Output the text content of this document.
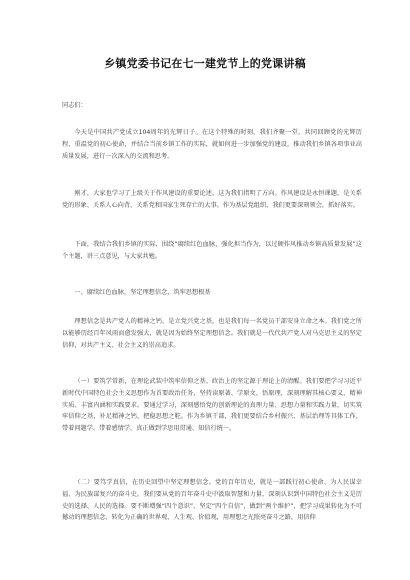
乡镇党委书记在七一建党节上的党课讲稿

同志们：

今天是中国共产党成立104周年的光辉日子。在这个特殊的时刻，我们齐聚一堂，共同回顾党的光辉历程，重温党的初心使命，并结合当前乡镇工作的实际，就如何进一步加强党的建设，推动我们乡镇各项事业高质量发展，进行一次深入的交流和思考。

刚才，大家也学习了上级关于作风建设的重要论述，这为我们指明了方向。作风建设是永恒课题，是关系党的形象、关系人心向背、关系党和国家生死存亡的大事。作为基层党组织，我们更要深刻领会，抓好落实。

下面，我结合我们乡镇的实际，围绕“赓续红色血脉，强化担当作为，以过硬作风推动乡镇高质量发展”这个主题，讲三点意见，与大家共勉。

一、赓续红色血脉，坚定理想信念，筑牢思想根基

理想信念是共产党人的精神之钙，是立党兴党之基，也是我们每一名党员干部安身立命之本。我们党之所以能够历经百年风雨而愈发强大，就是因为始终坚定理想信念。我们就是一代代共产党人对马克思主义的坚定信仰，对共产主义、社会主义的崇高追求。

（一）要筑学常新，在理论武装中筑牢信仰之基。政治上的坚定源于理论上的清醒。我们要把学习习近平新时代中国特色社会主义思想作为首要政治任务，坚持读原著、学原文、悟原理，深刻理解其核心要义、精神实质、丰富内涵和实践要求。要通过学习，深刻感悟党的创新理论的真理力量、思想力量和实践力量，切实筑牢信仰之基，补足精神之钙，把稳思想之舵。作为乡镇干部，我们更要结合乡村振兴、基层治理等具体工作，带着问题学、带着感情学，真正做到学思用贯通、知信行统一。

（二）要笃学真信，在历史回望中坚定理想信念。党的百年历史，就是一部践行初心使命、为人民谋幸福、为民族谋复兴的奋斗史。我们要从党的百年奋斗史中汲取智慧和力量，深刻认识到中国特色社会主义是历史的选择、人民的选择。要不断增强“四个意识”，坚定“四个自信”，做到“两个维护”，把学习成果转化为不可撼动的理想信念，转化为正确的世界观、人生观、价值观，用理想之光照亮奋斗之路，用信仰
